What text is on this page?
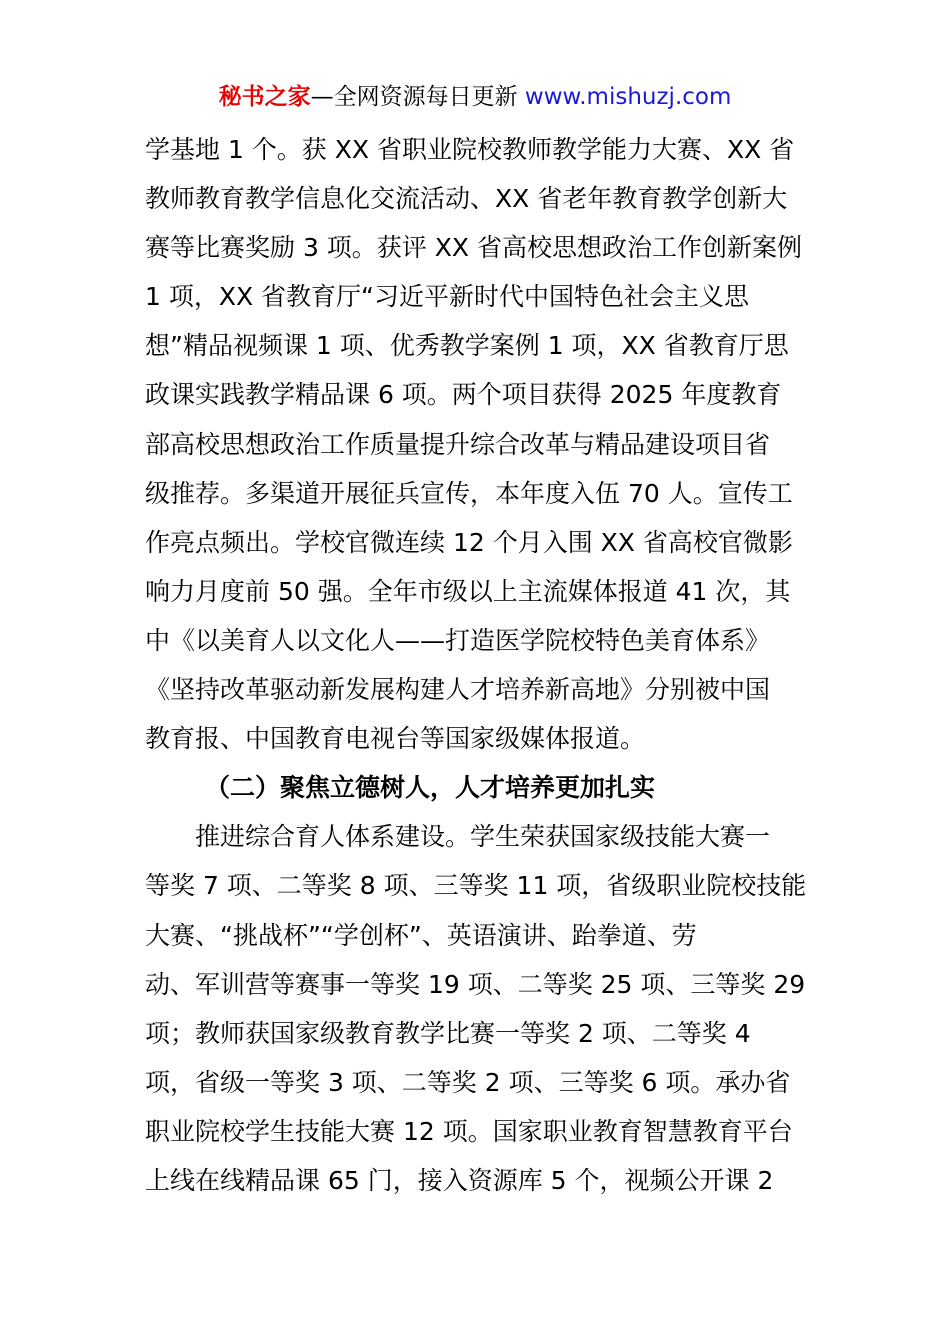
秘书之家—全网资源每日更新 www.mishuzj.com
学基地 1 个。获 XX 省职业院校教师教学能力大赛、XX 省
教师教育教学信息化交流活动、XX 省老年教育教学创新大
赛等比赛奖励 3 项。获评 XX 省高校思想政治工作创新案例
1 项，XX 省教育厅“习近平新时代中国特色社会主义思
想”精品视频课 1 项、优秀教学案例 1 项，XX 省教育厅思
政课实践教学精品课 6 项。两个项目获得 2025 年度教育
部高校思想政治工作质量提升综合改革与精品建设项目省
级推荐。多渠道开展征兵宣传，本年度入伍 70 人。宣传工
作亮点频出。学校官微连续 12 个月入围 XX 省高校官微影
响力月度前 50 强。全年市级以上主流媒体报道 41 次，其
中《以美育人以文化人——打造医学院校特色美育体系》
《坚持改革驱动新发展构建人才培养新高地》分别被中国
教育报、中国教育电视台等国家级媒体报道。
（二）聚焦立德树人，人才培养更加扎实
推进综合育人体系建设。学生荣获国家级技能大赛一
等奖 7 项、二等奖 8 项、三等奖 11 项，省级职业院校技能
大赛、“挑战杯”“学创杯”、英语演讲、跆拳道、劳
动、军训营等赛事一等奖 19 项、二等奖 25 项、三等奖 29
项；教师获国家级教育教学比赛一等奖 2 项、二等奖 4
项，省级一等奖 3 项、二等奖 2 项、三等奖 6 项。承办省
职业院校学生技能大赛 12 项。国家职业教育智慧教育平台
上线在线精品课 65 门，接入资源库 5 个，视频公开课 2
